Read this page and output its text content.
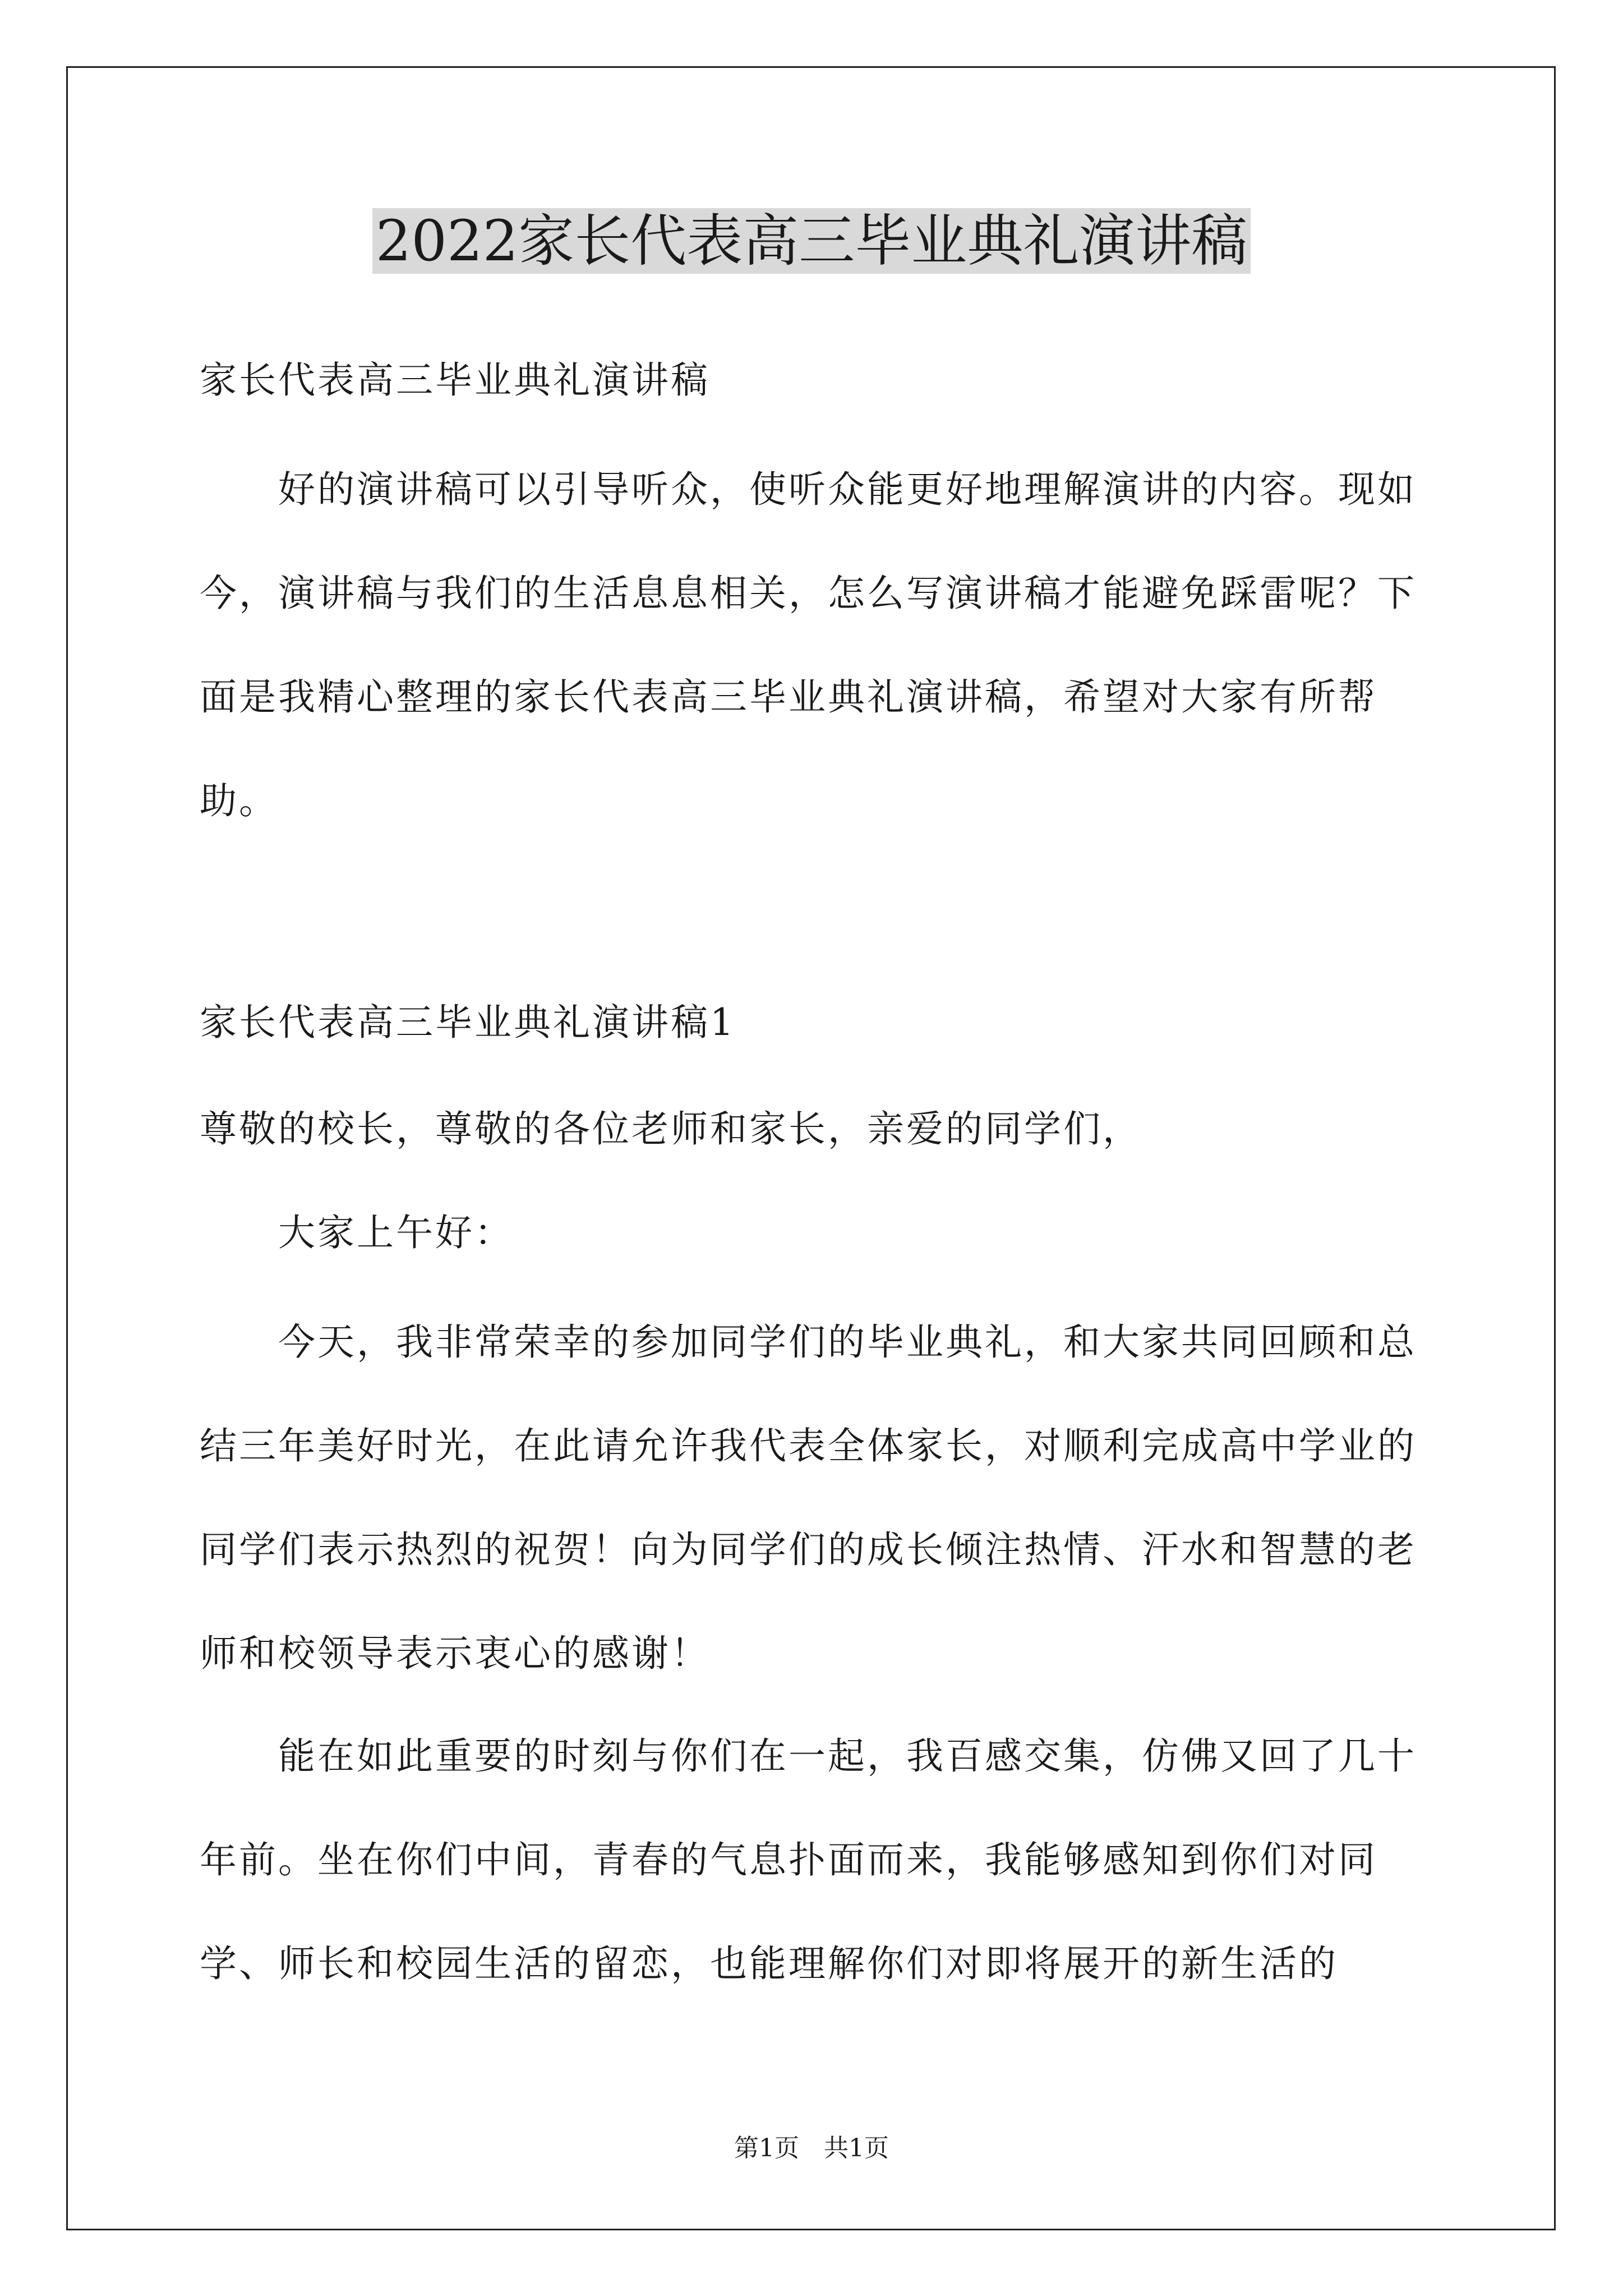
2022家长代表高三毕业典礼演讲稿

家长代表高三毕业典礼演讲稿

好的演讲稿可以引导听众，使听众能更好地理解演讲的内容。现如今，演讲稿与我们的生活息息相关，怎么写演讲稿才能避免踩雷呢？下面是我精心整理的家长代表高三毕业典礼演讲稿，希望对大家有所帮助。

家长代表高三毕业典礼演讲稿1

尊敬的校长，尊敬的各位老师和家长，亲爱的同学们，

大家上午好：

今天，我非常荣幸的参加同学们的毕业典礼，和大家共同回顾和总结三年美好时光，在此请允许我代表全体家长，对顺利完成高中学业的同学们表示热烈的祝贺！向为同学们的成长倾注热情、汗水和智慧的老师和校领导表示衷心的感谢！

能在如此重要的时刻与你们在一起，我百感交集，仿佛又回了几十年前。坐在你们中间，青春的气息扑面而来，我能够感知到你们对同学、师长和校园生活的留恋，也能理解你们对即将展开的新生活的

第1页　共1页
